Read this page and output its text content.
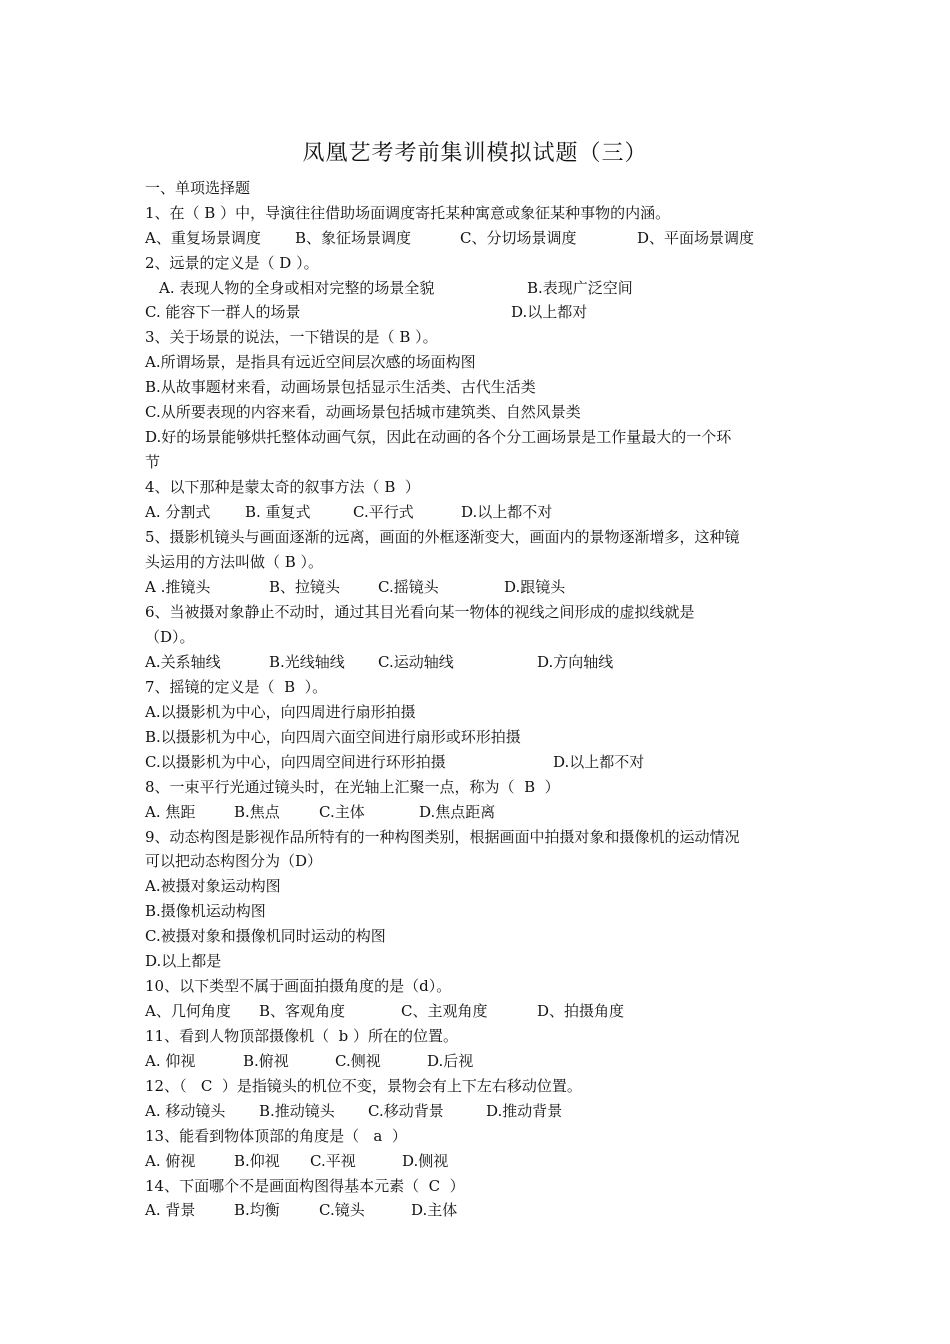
凤凰艺考考前集训模拟试题（三）
一、单项选择题
1、在（ B ）中，导演往往借助场面调度寄托某种寓意或象征某种事物的内涵。
A、重复场景调度 B、象征场景调度	C、分切场景调度	D、平面场景调度
2、远景的定义是（ D ）。
A. 表现人物的全身或相对完整的场景全貌	B.表现广泛空间
C. 能容下一群人的场景	D.以上都对
3、关于场景的说法，一下错误的是（ B ）。
A.所谓场景，是指具有远近空间层次感的场面构图
B.从故事题材来看，动画场景包括显示生活类、古代生活类
C.从所要表现的内容来看，动画场景包括城市建筑类、自然风景类
D.好的场景能够烘托整体动画气氛，因此在动画的各个分工画场景是工作量最大的一个环
节
4、以下那种是蒙太奇的叙事方法（ B  ）
A. 分割式 B. 重复式	C.平行式	D.以上都不对
5、摄影机镜头与画面逐渐的远离，画面的外框逐渐变大，画面内的景物逐渐增多，这种镜
头运用的方法叫做（ B ）。
A .推镜头	B、拉镜头	C.摇镜头	D.跟镜头
6、当被摄对象静止不动时，通过其目光看向某一物体的视线之间形成的虚拟线就是
（D）。
A.关系轴线	B.光线轴线 C.运动轴线	D.方向轴线
7、摇镜的定义是（  B  ）。
A.以摄影机为中心，向四周进行扇形拍摄
B.以摄影机为中心，向四周六面空间进行扇形或环形拍摄
C.以摄影机为中心，向四周空间进行环形拍摄	D.以上都不对
8、一束平行光通过镜头时，在光轴上汇聚一点，称为（  B  ）
A. 焦距	B.焦点	C.主体	D.焦点距离
9、动态构图是影视作品所特有的一种构图类别，根据画面中拍摄对象和摄像机的运动情况
可以把动态构图分为（D）
A.被摄对象运动构图
B.摄像机运动构图
C.被摄对象和摄像机同时运动的构图
D.以上都是
10、以下类型不属于画面拍摄角度的是（d）。
A、几何角度 B、客观角度	C、主观角度	D、拍摄角度
11、看到人物顶部摄像机（  b ）所在的位置。
A. 仰视	B.俯视	C.侧视	D.后视
12、（   C  ）是指镜头的机位不变，景物会有上下左右移动位置。
A. 移动镜头 B.推动镜头 C.移动背景	D.推动背景
13、能看到物体顶部的角度是（   a  ）
A. 俯视	B.仰视 C.平视	D.侧视
14、下面哪个不是画面构图得基本元素（  C  ）
A. 背景	B.均衡	C.镜头	D.主体
